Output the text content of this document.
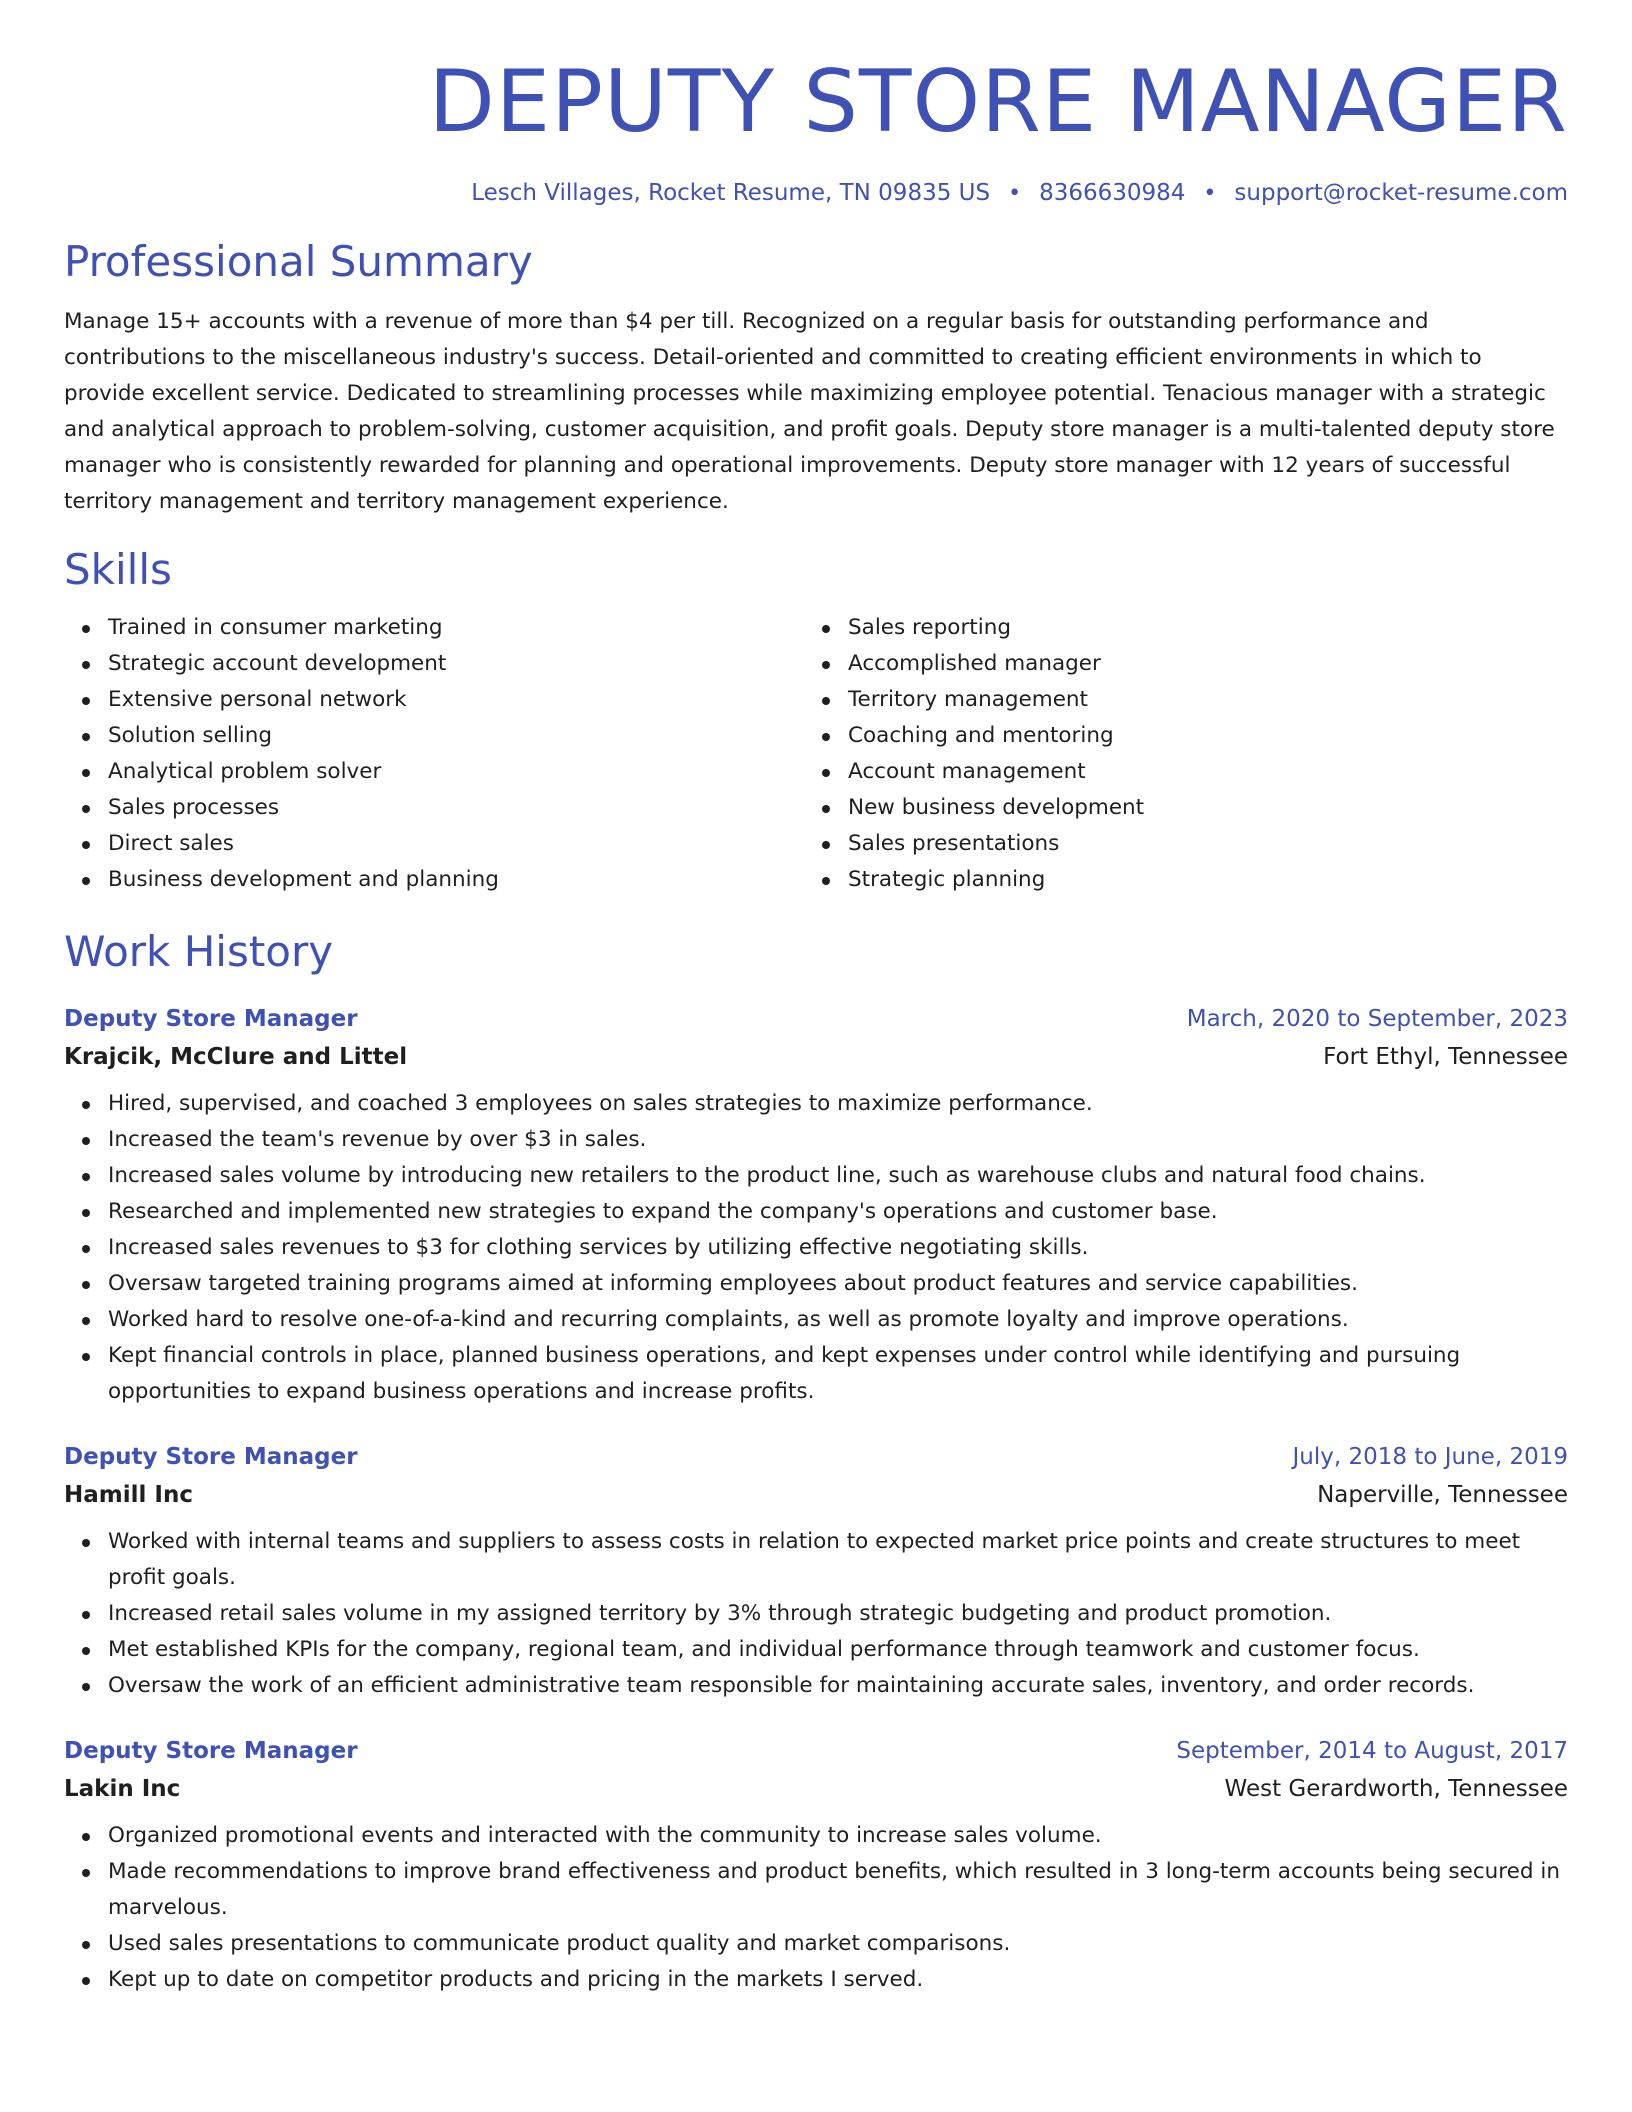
DEPUTY STORE MANAGER
Lesch Villages, Rocket Resume, TN 09835 US • 8366630984 • support@rocket-resume.com
Professional Summary
Manage 15+ accounts with a revenue of more than $4 per till. Recognized on a regular basis for outstanding performance and contributions to the miscellaneous industry's success. Detail-oriented and committed to creating efficient environments in which to provide excellent service. Dedicated to streamlining processes while maximizing employee potential. Tenacious manager with a strategic and analytical approach to problem-solving, customer acquisition, and profit goals. Deputy store manager is a multi-talented deputy store manager who is consistently rewarded for planning and operational improvements. Deputy store manager with 12 years of successful territory management and territory management experience.
Skills
Trained in consumer marketing
Strategic account development
Extensive personal network
Solution selling
Analytical problem solver
Sales processes
Direct sales
Business development and planning
Sales reporting
Accomplished manager
Territory management
Coaching and mentoring
Account management
New business development
Sales presentations
Strategic planning
Work History
Deputy Store Manager	March, 2020 to September, 2023
Krajcik, McClure and Littel	Fort Ethyl, Tennessee
Hired, supervised, and coached 3 employees on sales strategies to maximize performance.
Increased the team's revenue by over $3 in sales.
Increased sales volume by introducing new retailers to the product line, such as warehouse clubs and natural food chains.
Researched and implemented new strategies to expand the company's operations and customer base.
Increased sales revenues to $3 for clothing services by utilizing effective negotiating skills.
Oversaw targeted training programs aimed at informing employees about product features and service capabilities.
Worked hard to resolve one-of-a-kind and recurring complaints, as well as promote loyalty and improve operations.
Kept financial controls in place, planned business operations, and kept expenses under control while identifying and pursuing opportunities to expand business operations and increase profits.
Deputy Store Manager	July, 2018 to June, 2019
Hamill Inc	Naperville, Tennessee
Worked with internal teams and suppliers to assess costs in relation to expected market price points and create structures to meet profit goals.
Increased retail sales volume in my assigned territory by 3% through strategic budgeting and product promotion.
Met established KPIs for the company, regional team, and individual performance through teamwork and customer focus.
Oversaw the work of an efficient administrative team responsible for maintaining accurate sales, inventory, and order records.
Deputy Store Manager	September, 2014 to August, 2017
Lakin Inc	West Gerardworth, Tennessee
Organized promotional events and interacted with the community to increase sales volume.
Made recommendations to improve brand effectiveness and product benefits, which resulted in 3 long-term accounts being secured in marvelous.
Used sales presentations to communicate product quality and market comparisons.
Kept up to date on competitor products and pricing in the markets I served.
